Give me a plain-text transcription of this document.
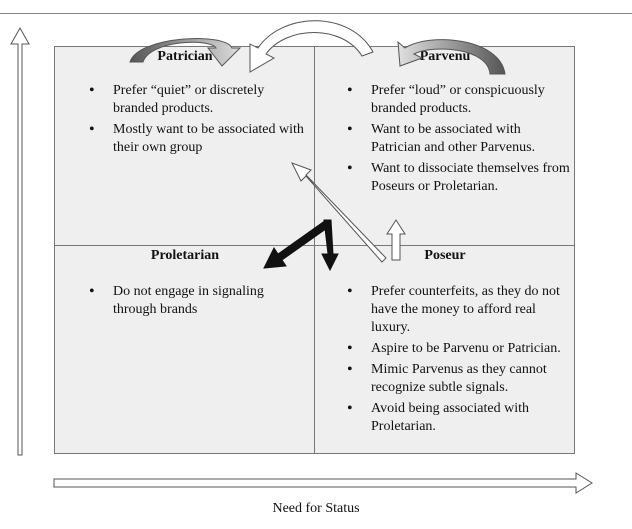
Patrician
• Prefer “quiet” or discretely branded products.
• Mostly want to be associated with their own group
Parvenu
• Prefer “loud” or conspicuously branded products.
• Want to be associated with Patrician and other Parvenus.
• Want to dissociate themselves from Poseurs or Proletarian.
Proletarian
• Do not engage in signaling through brands
Poseur
• Prefer counterfeits, as they do not have the money to afford real luxury.
• Aspire to be Parvenu or Patrician.
• Mimic Parvenus as they cannot recognize subtle signals.
• Avoid being associated with Proletarian.
Need for Status
